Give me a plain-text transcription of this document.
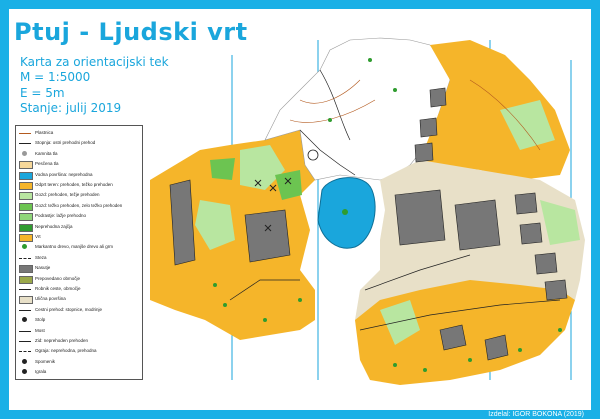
Ptuj - Ljudski vrt
Karta za orientacijski tek
M = 1:5000
E = 5m
Stanje: julij 2019
Plastnica
Stopnja: ostri prehodni prehod
Kamnita tla
Pesčena tla
Vodna površina: neprehodna
Odprt teren: prehoden, težko prehoden
Gozd: prehoden, težje prehoden
Gozd: težko prehoden, zelo težko prehoden
Podrastje: lažje prehodno
Neprehodna zajčja
Vrt
Markantno drevo, manjše drevo ali grm
Steza
Nasutje
Prepovedano območje
Robnik ceste, območje
Ulična površina
Cestni prehod: stopnice, modrinje
Stolp
Most
Zid: neprehoden prehoden
Ograja: neprehodna, prehodna
Spomenik
Igrala
Izdelal: IGOR BOKONA (2019)
